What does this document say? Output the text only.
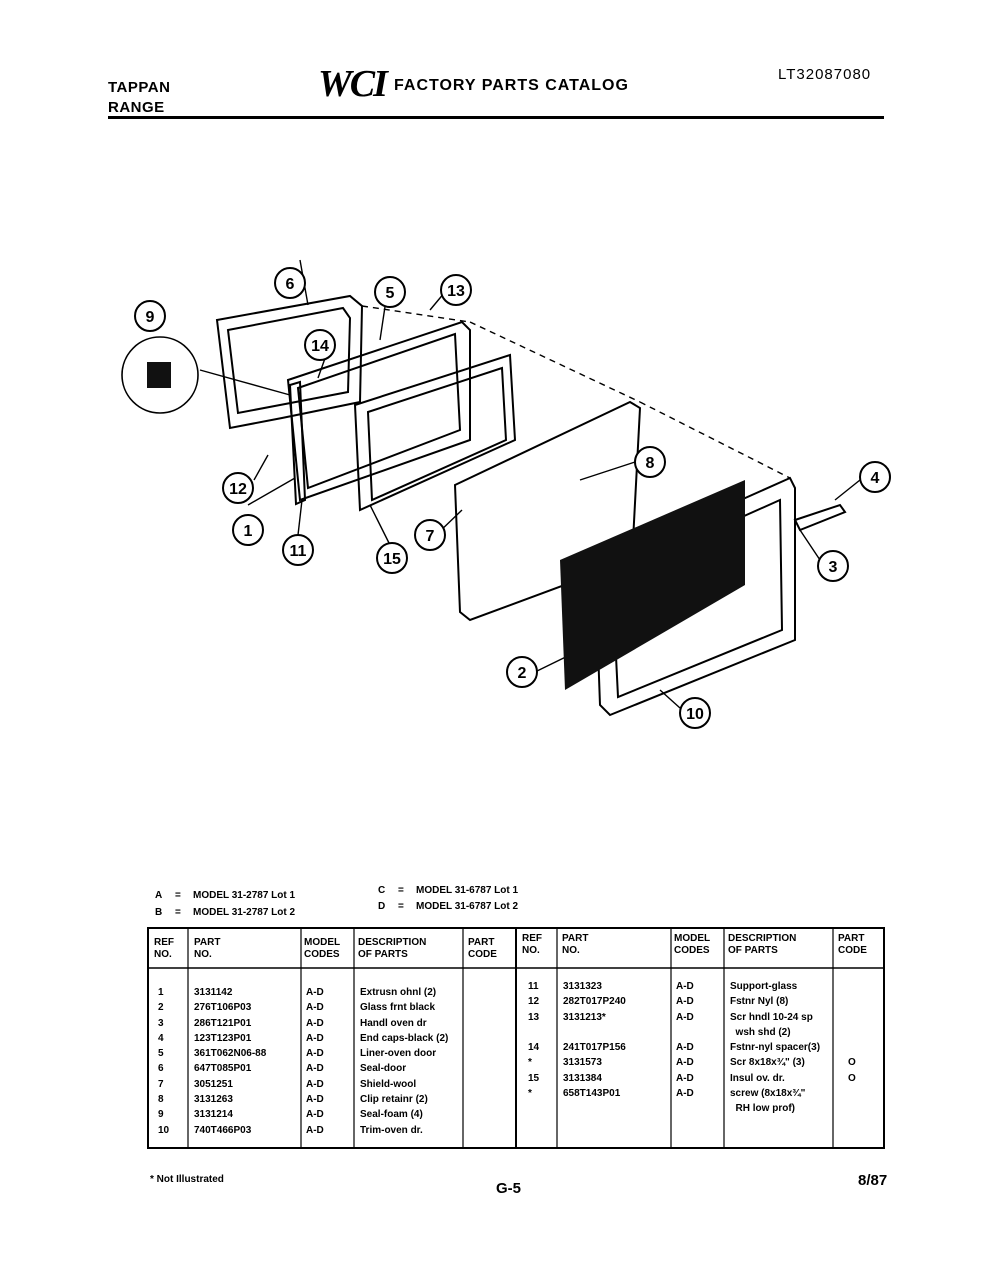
TAPPAN
RANGE
WCI FACTORY PARTS CATALOG
LT32087080
1
2
3
4
5
6
7
8
9
10
11
12
13
14
15
A = MODEL 31-2787 Lot 1
B = MODEL 31-2787 Lot 2
C = MODEL 31-6787 Lot 1
D = MODEL 31-6787 Lot 2
REF
NO.
PART
NO.
MODEL
CODES
DESCRIPTION
OF PARTS
PART
CODE
REF
NO.
PART
NO.
MODEL
CODES
DESCRIPTION
OF PARTS
PART
CODE
1
2
3
4
5
6
7
8
9
10
3131142
276T106P03
286T121P01
123T123P01
361T062N06-88
647T085P01
3051251
3131263
3131214
740T466P03
A-D
A-D
A-D
A-D
A-D
A-D
A-D
A-D
A-D
A-D
Extrusn ohnl (2)
Glass frnt black
Handl oven dr
End caps-black (2)
Liner-oven door
Seal-door
Shield-wool
Clip retainr (2)
Seal-foam (4)
Trim-oven dr.
11
12
13

14
*
15
*
3131323
282T017P240
3131213*

241T017P156
3131573
3131384
658T143P01
A-D
A-D
A-D

A-D
A-D
A-D
A-D
Support-glass
Fstnr Nyl (8)
Scr hndl 10-24 sp
wsh shd (2)
Fstnr-nyl spacer(3)
Scr 8x18x¾" (3)
Insul ov. dr.
screw (8x18x¾"
RH low prof)

O
O

* Not Illustrated
G-5	8/87
